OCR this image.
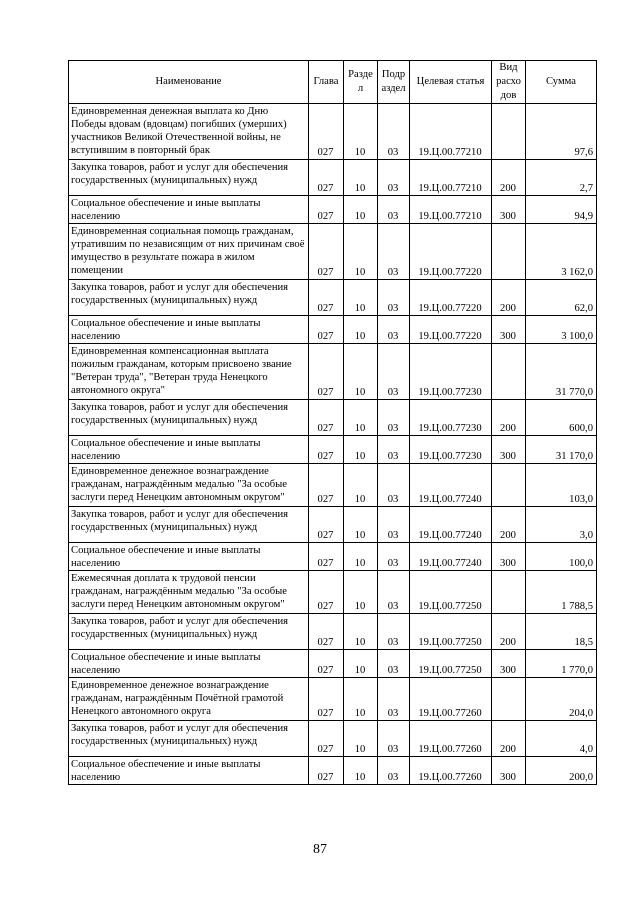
Наименование	Глава	Разде л	Подр аздел	Целевая статья	Вид расхо дов	Сумма
Единовременная денежная выплата ко Дню Победы вдовам (вдовцам) погибших (умерших) участников Великой Отечественной войны, не вступившим в повторный брак	027	10	03	19.Ц.00.77210		97,6
Закупка товаров, работ и услуг для обеспечения государственных (муниципальных) нужд	027	10	03	19.Ц.00.77210	200	2,7
Социальное обеспечение и иные выплаты населению	027	10	03	19.Ц.00.77210	300	94,9
Единовременная социальная помощь гражданам, утратившим по независящим от них причинам своё имущество в результате пожара в жилом помещении	027	10	03	19.Ц.00.77220		3 162,0
Закупка товаров, работ и услуг для обеспечения государственных (муниципальных) нужд	027	10	03	19.Ц.00.77220	200	62,0
Социальное обеспечение и иные выплаты населению	027	10	03	19.Ц.00.77220	300	3 100,0
Единовременная компенсационная выплата пожилым гражданам, которым присвоено звание "Ветеран труда", "Ветеран труда Ненецкого автономного округа"	027	10	03	19.Ц.00.77230		31 770,0
Закупка товаров, работ и услуг для обеспечения государственных (муниципальных) нужд	027	10	03	19.Ц.00.77230	200	600,0
Социальное обеспечение и иные выплаты населению	027	10	03	19.Ц.00.77230	300	31 170,0
Единовременное денежное вознаграждение гражданам, награждённым медалью "За особые заслуги перед Ненецким автономным округом"	027	10	03	19.Ц.00.77240		103,0
Закупка товаров, работ и услуг для обеспечения государственных (муниципальных) нужд	027	10	03	19.Ц.00.77240	200	3,0
Социальное обеспечение и иные выплаты населению	027	10	03	19.Ц.00.77240	300	100,0
Ежемесячная доплата к трудовой пенсии гражданам, награждённым медалью "За особые заслуги перед Ненецким автономным округом"	027	10	03	19.Ц.00.77250		1 788,5
Закупка товаров, работ и услуг для обеспечения государственных (муниципальных) нужд	027	10	03	19.Ц.00.77250	200	18,5
Социальное обеспечение и иные выплаты населению	027	10	03	19.Ц.00.77250	300	1 770,0
Единовременное денежное вознаграждение гражданам, награждённым Почётной грамотой Ненецкого автономного округа	027	10	03	19.Ц.00.77260		204,0
Закупка товаров, работ и услуг для обеспечения государственных (муниципальных) нужд	027	10	03	19.Ц.00.77260	200	4,0
Социальное обеспечение и иные выплаты населению	027	10	03	19.Ц.00.77260	300	200,0
87
